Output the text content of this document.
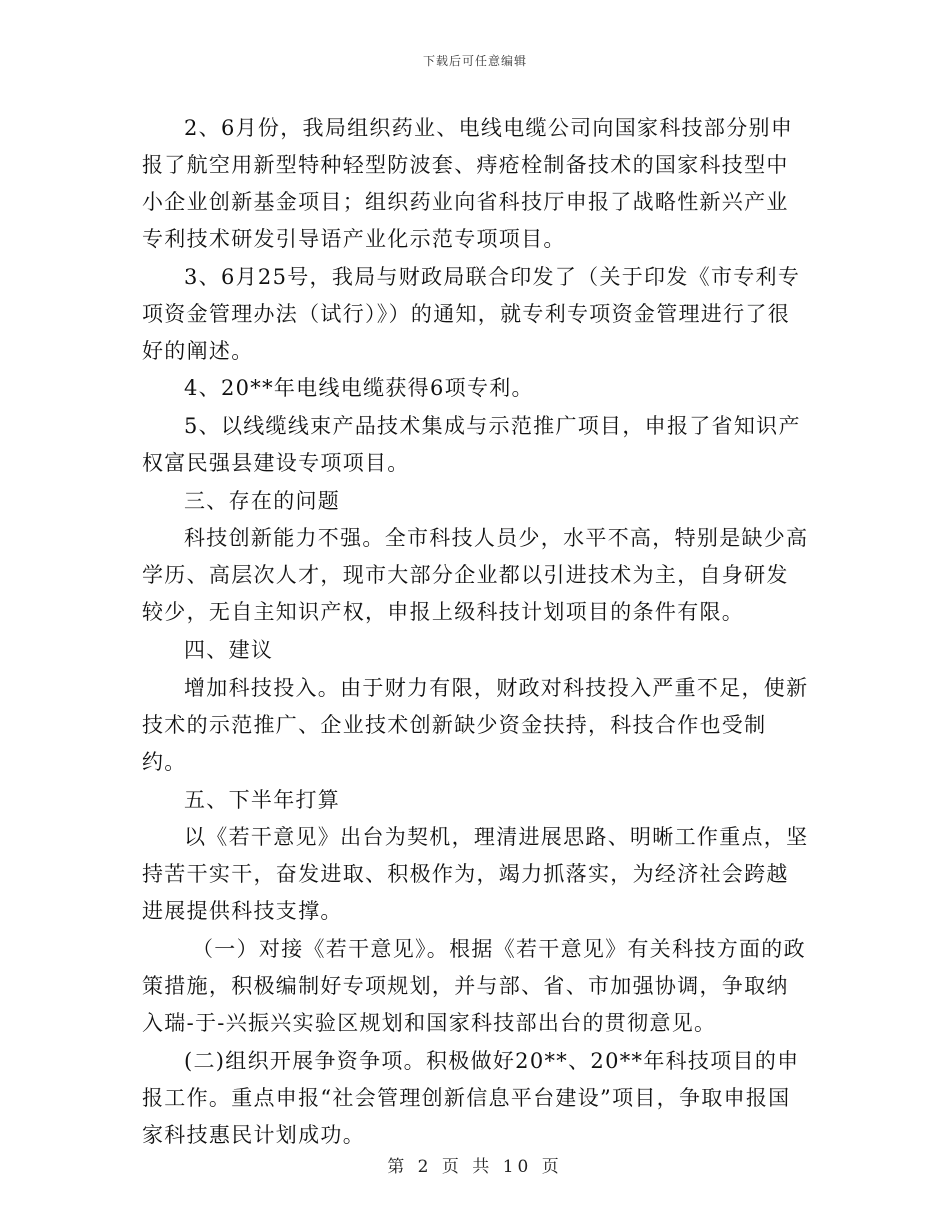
下载后可任意编辑

2、6月份，我局组织药业、电线电缆公司向国家科技部分别申报了航空用新型特种轻型防波套、痔疮栓制备技术的国家科技型中小企业创新基金项目；组织药业向省科技厅申报了战略性新兴产业专利技术研发引导语产业化示范专项项目。

3、6月25号，我局与财政局联合印发了（关于印发《市专利专项资金管理办法（试行）》）的通知，就专利专项资金管理进行了很好的阐述。

4、20**年电线电缆获得6项专利。

5、以线缆线束产品技术集成与示范推广项目，申报了省知识产权富民强县建设专项项目。

三、存在的问题

科技创新能力不强。全市科技人员少，水平不高，特别是缺少高学历、高层次人才，现市大部分企业都以引进技术为主，自身研发较少，无自主知识产权，申报上级科技计划项目的条件有限。

四、建议

增加科技投入。由于财力有限，财政对科技投入严重不足，使新技术的示范推广、企业技术创新缺少资金扶持，科技合作也受制约。

五、下半年打算

以《若干意见》出台为契机，理清进展思路、明晰工作重点，坚持苦干实干，奋发进取、积极作为，竭力抓落实，为经济社会跨越进展提供科技支撑。

（一）对接《若干意见》。根据《若干意见》有关科技方面的政策措施，积极编制好专项规划，并与部、省、市加强协调，争取纳入瑞-于-兴振兴实验区规划和国家科技部出台的贯彻意见。

(二)组织开展争资争项。积极做好20**、20**年科技项目的申报工作。重点申报“社会管理创新信息平台建设”项目，争取申报国家科技惠民计划成功。

第 2 页 共 10 页
